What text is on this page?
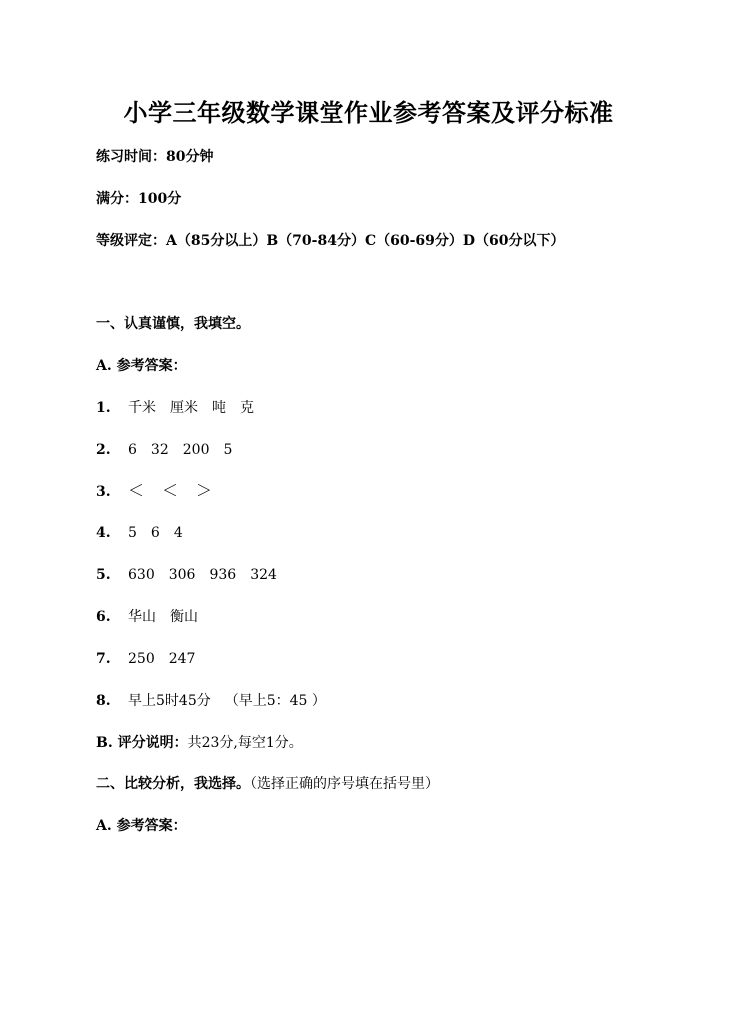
小学三年级数学课堂作业参考答案及评分标准
练习时间：80分钟
满分：100分
等级评定：A（85分以上）B（70-84分）C（60-69分）D（60分以下）
一、认真谨慎，我填空。
A. 参考答案：
1. 千米 厘米 吨 克
2. 6 32 200 5
3. ＜ ＜ ＞
4. 5 6 4
5. 630 306 936 324
6. 华山 衡山
7. 250 247
8. 早上5时45分 （早上5：45 ）
B. 评分说明：共23分,每空1分。
二、比较分析，我选择。（选择正确的序号填在括号里）
A. 参考答案：
